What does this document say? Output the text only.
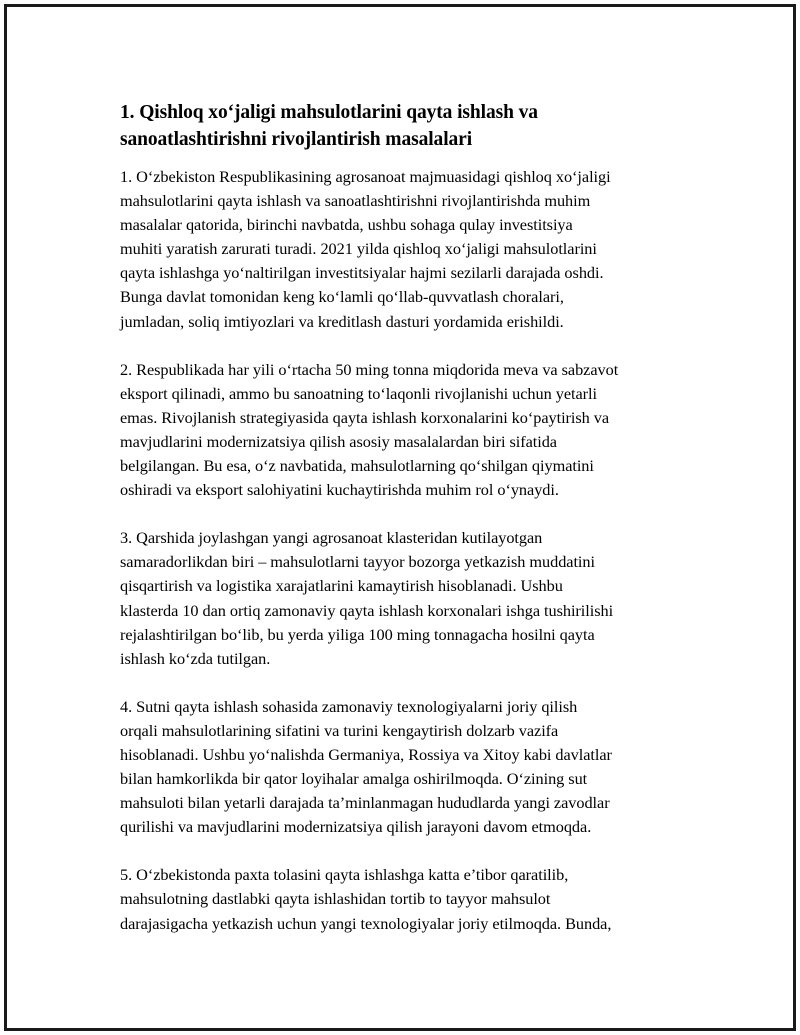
1. Qishloq xo‘jaligi mahsulotlarini qayta ishlash va
sanoatlashtirishni rivojlantirish masalalari

1. O‘zbekiston Respublikasining agrosanoat majmuasidagi qishloq xo‘jaligi
mahsulotlarini qayta ishlash va sanoatlashtirishni rivojlantirishda muhim
masalalar qatorida, birinchi navbatda, ushbu sohaga qulay investitsiya
muhiti yaratish zarurati turadi. 2021 yilda qishloq xo‘jaligi mahsulotlarini
qayta ishlashga yo‘naltirilgan investitsiyalar hajmi sezilarli darajada oshdi.
Bunga davlat tomonidan keng ko‘lamli qo‘llab-quvvatlash choralari,
jumladan, soliq imtiyozlari va kreditlash dasturi yordamida erishildi.

2. Respublikada har yili o‘rtacha 50 ming tonna miqdorida meva va sabzavot
eksport qilinadi, ammo bu sanoatning to‘laqonli rivojlanishi uchun yetarli
emas. Rivojlanish strategiyasida qayta ishlash korxonalarini ko‘paytirish va
mavjudlarini modernizatsiya qilish asosiy masalalardan biri sifatida
belgilangan. Bu esa, o‘z navbatida, mahsulotlarning qo‘shilgan qiymatini
oshiradi va eksport salohiyatini kuchaytirishda muhim rol o‘ynaydi.

3. Qarshida joylashgan yangi agrosanoat klasteridan kutilayotgan
samaradorlikdan biri – mahsulotlarni tayyor bozorga yetkazish muddatini
qisqartirish va logistika xarajatlarini kamaytirish hisoblanadi. Ushbu
klasterda 10 dan ortiq zamonaviy qayta ishlash korxonalari ishga tushirilishi
rejalashtirilgan bo‘lib, bu yerda yiliga 100 ming tonnagacha hosilni qayta
ishlash ko‘zda tutilgan.

4. Sutni qayta ishlash sohasida zamonaviy texnologiyalarni joriy qilish
orqali mahsulotlarining sifatini va turini kengaytirish dolzarb vazifa
hisoblanadi. Ushbu yo‘nalishda Germaniya, Rossiya va Xitoy kabi davlatlar
bilan hamkorlikda bir qator loyihalar amalga oshirilmoqda. O‘zining sut
mahsuloti bilan yetarli darajada ta’minlanmagan hududlarda yangi zavodlar
qurilishi va mavjudlarini modernizatsiya qilish jarayoni davom etmoqda.

5. O‘zbekistonda paxta tolasini qayta ishlashga katta e’tibor qaratilib,
mahsulotning dastlabki qayta ishlashidan tortib to tayyor mahsulot
darajasigacha yetkazish uchun yangi texnologiyalar joriy etilmoqda. Bunda,
